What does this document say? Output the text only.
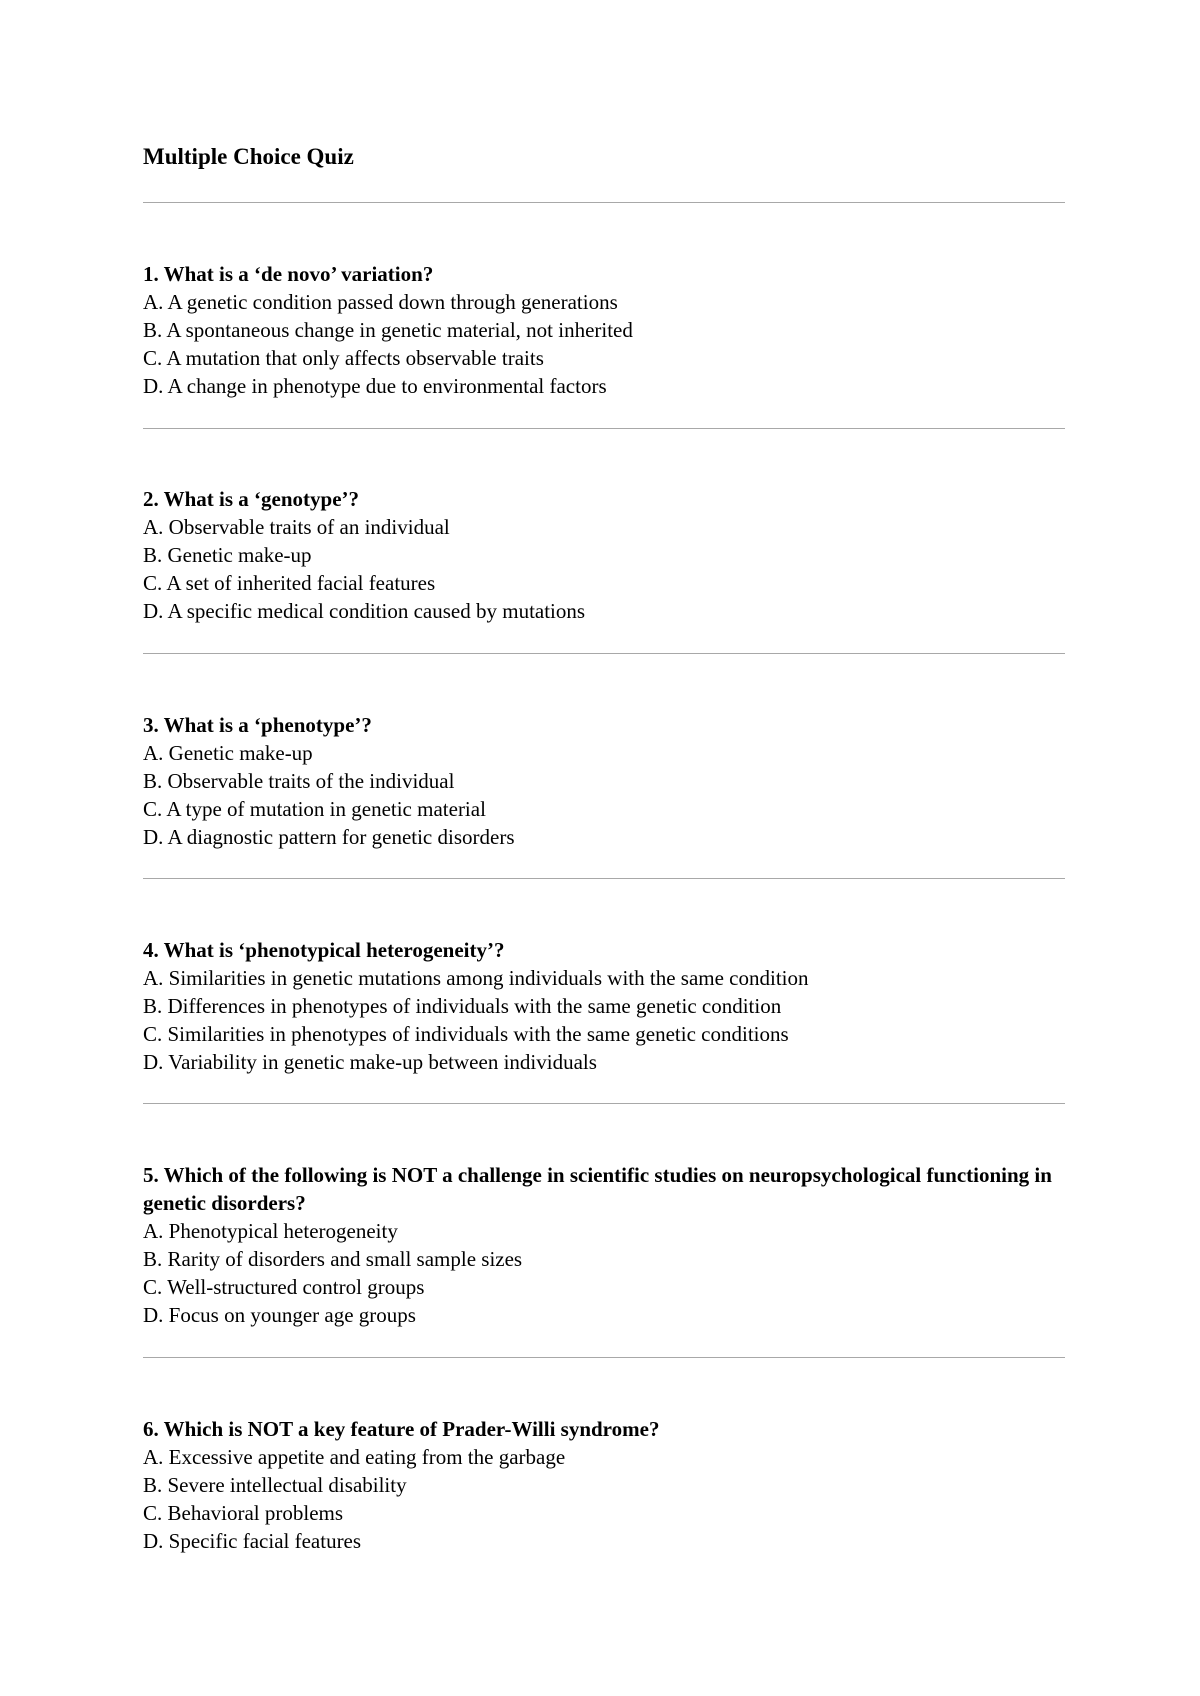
Multiple Choice Quiz

1. What is a ‘de novo’ variation?

A. A genetic condition passed down through generations

B. A spontaneous change in genetic material, not inherited

C. A mutation that only affects observable traits

D. A change in phenotype due to environmental factors

2. What is a ‘genotype’?

A. Observable traits of an individual

B. Genetic make-up

C. A set of inherited facial features

D. A specific medical condition caused by mutations

3. What is a ‘phenotype’?

A. Genetic make-up

B. Observable traits of the individual

C. A type of mutation in genetic material

D. A diagnostic pattern for genetic disorders

4. What is ‘phenotypical heterogeneity’?

A. Similarities in genetic mutations among individuals with the same condition

B. Differences in phenotypes of individuals with the same genetic condition

C. Similarities in phenotypes of individuals with the same genetic conditions

D. Variability in genetic make-up between individuals

5. Which of the following is NOT a challenge in scientific studies on neuropsychological functioning in genetic disorders?

A. Phenotypical heterogeneity

B. Rarity of disorders and small sample sizes

C. Well-structured control groups

D. Focus on younger age groups

6. Which is NOT a key feature of Prader-Willi syndrome?

A. Excessive appetite and eating from the garbage

B. Severe intellectual disability

C. Behavioral problems

D. Specific facial features
